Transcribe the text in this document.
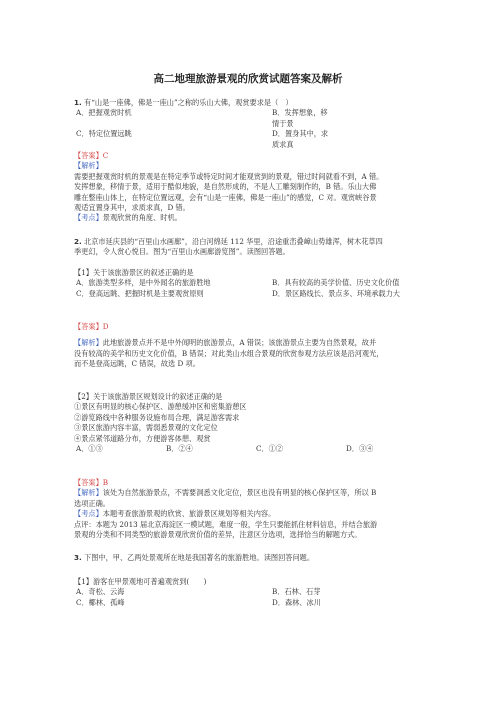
高二地理旅游景观的欣赏试题答案及解析
1. 有“山是一座佛，佛是一座山”之称的乐山大佛，观赏要求是（　）
A．把握观赏时机	B．发挥想象，移情于景
C．特定位置远眺	D．置身其中，求质求真
【答案】C
【解析】
需要把握观赏时机的景观是在特定季节或特定时间才能观赏到的景观，错过时间就看不到，A 错。
发挥想象，移情于景，适用于酷似地貌，是自然形成的，不是人工雕刻制作的，B 错。乐山大佛
雕在整座山体上，在特定位置远观，会有“山是一座佛，佛是一座山”的感觉，C 对。观赏峡谷景
观适宜置身其中，求质求真，D 错。
【考点】景观欣赏的角度、时机。
2. 北京市延庆县的“百里山水画廊”，沿白河绵延 112 华里，沿途重峦叠嶂山势雄浑，树木花草四
季更幻，令人赏心悦目。图为“百里山水画廊游览图”。读图回答题。
【1】关于该旅游景区的叙述正确的是
A．旅游类型多样，是中外闻名的旅游胜地	B．具有较高的美学价值、历史文化价值
C．登高远眺、把握时机是主要观赏原则	D．景区路线长、景点多、环境承载力大
【答案】D
【解析】此地旅游景点并不是中外闻明的旅游景点，A 错误；该旅游景点主要为自然景观，故并
没有较高的美学和历史文化价值，B 错误；对此类山水组合景观的欣赏参观方法应该是沿河观光，
而不是登高远眺，C 错误，故选 D 项。
【2】关于该旅游景区规划设计的叙述正确的是
①景区有明显的核心保护区、游憩缓冲区和密集游憩区
②游览路线中各种服务设施布局合理，满足游客需求
③景区旅游内容丰富，需弱悉景观的文化定位
④景点紧邻道路分布，方便游客体憩、观赏
A．①③	B．②④	C．①②	D．③④
【答案】B
【解析】该处为自然旅游景点，不需要洞悉文化定位，景区也没有明显的核心保护区等，所以 B
选项正确。
【考点】本题考查旅游景观的欣赏、旅游景区规划等相关内容。
点评：本题为 2013 届北京海淀区一模试题，难度一般，学生只要能抓住材料信息，并结合旅游
景观的分类和不同类型的旅游景观欣赏价值的差异，注意区分选项，选择恰当的解题方式。
3. 下图中，甲、乙两处景观所在地是我国著名的旅游胜地。读图回答问题。
【1】游客在甲景观地可普遍观赏到(　　)
A．奇松、云海	B．石林、石芽
C．椰林、孤峰	D．森林、冰川
